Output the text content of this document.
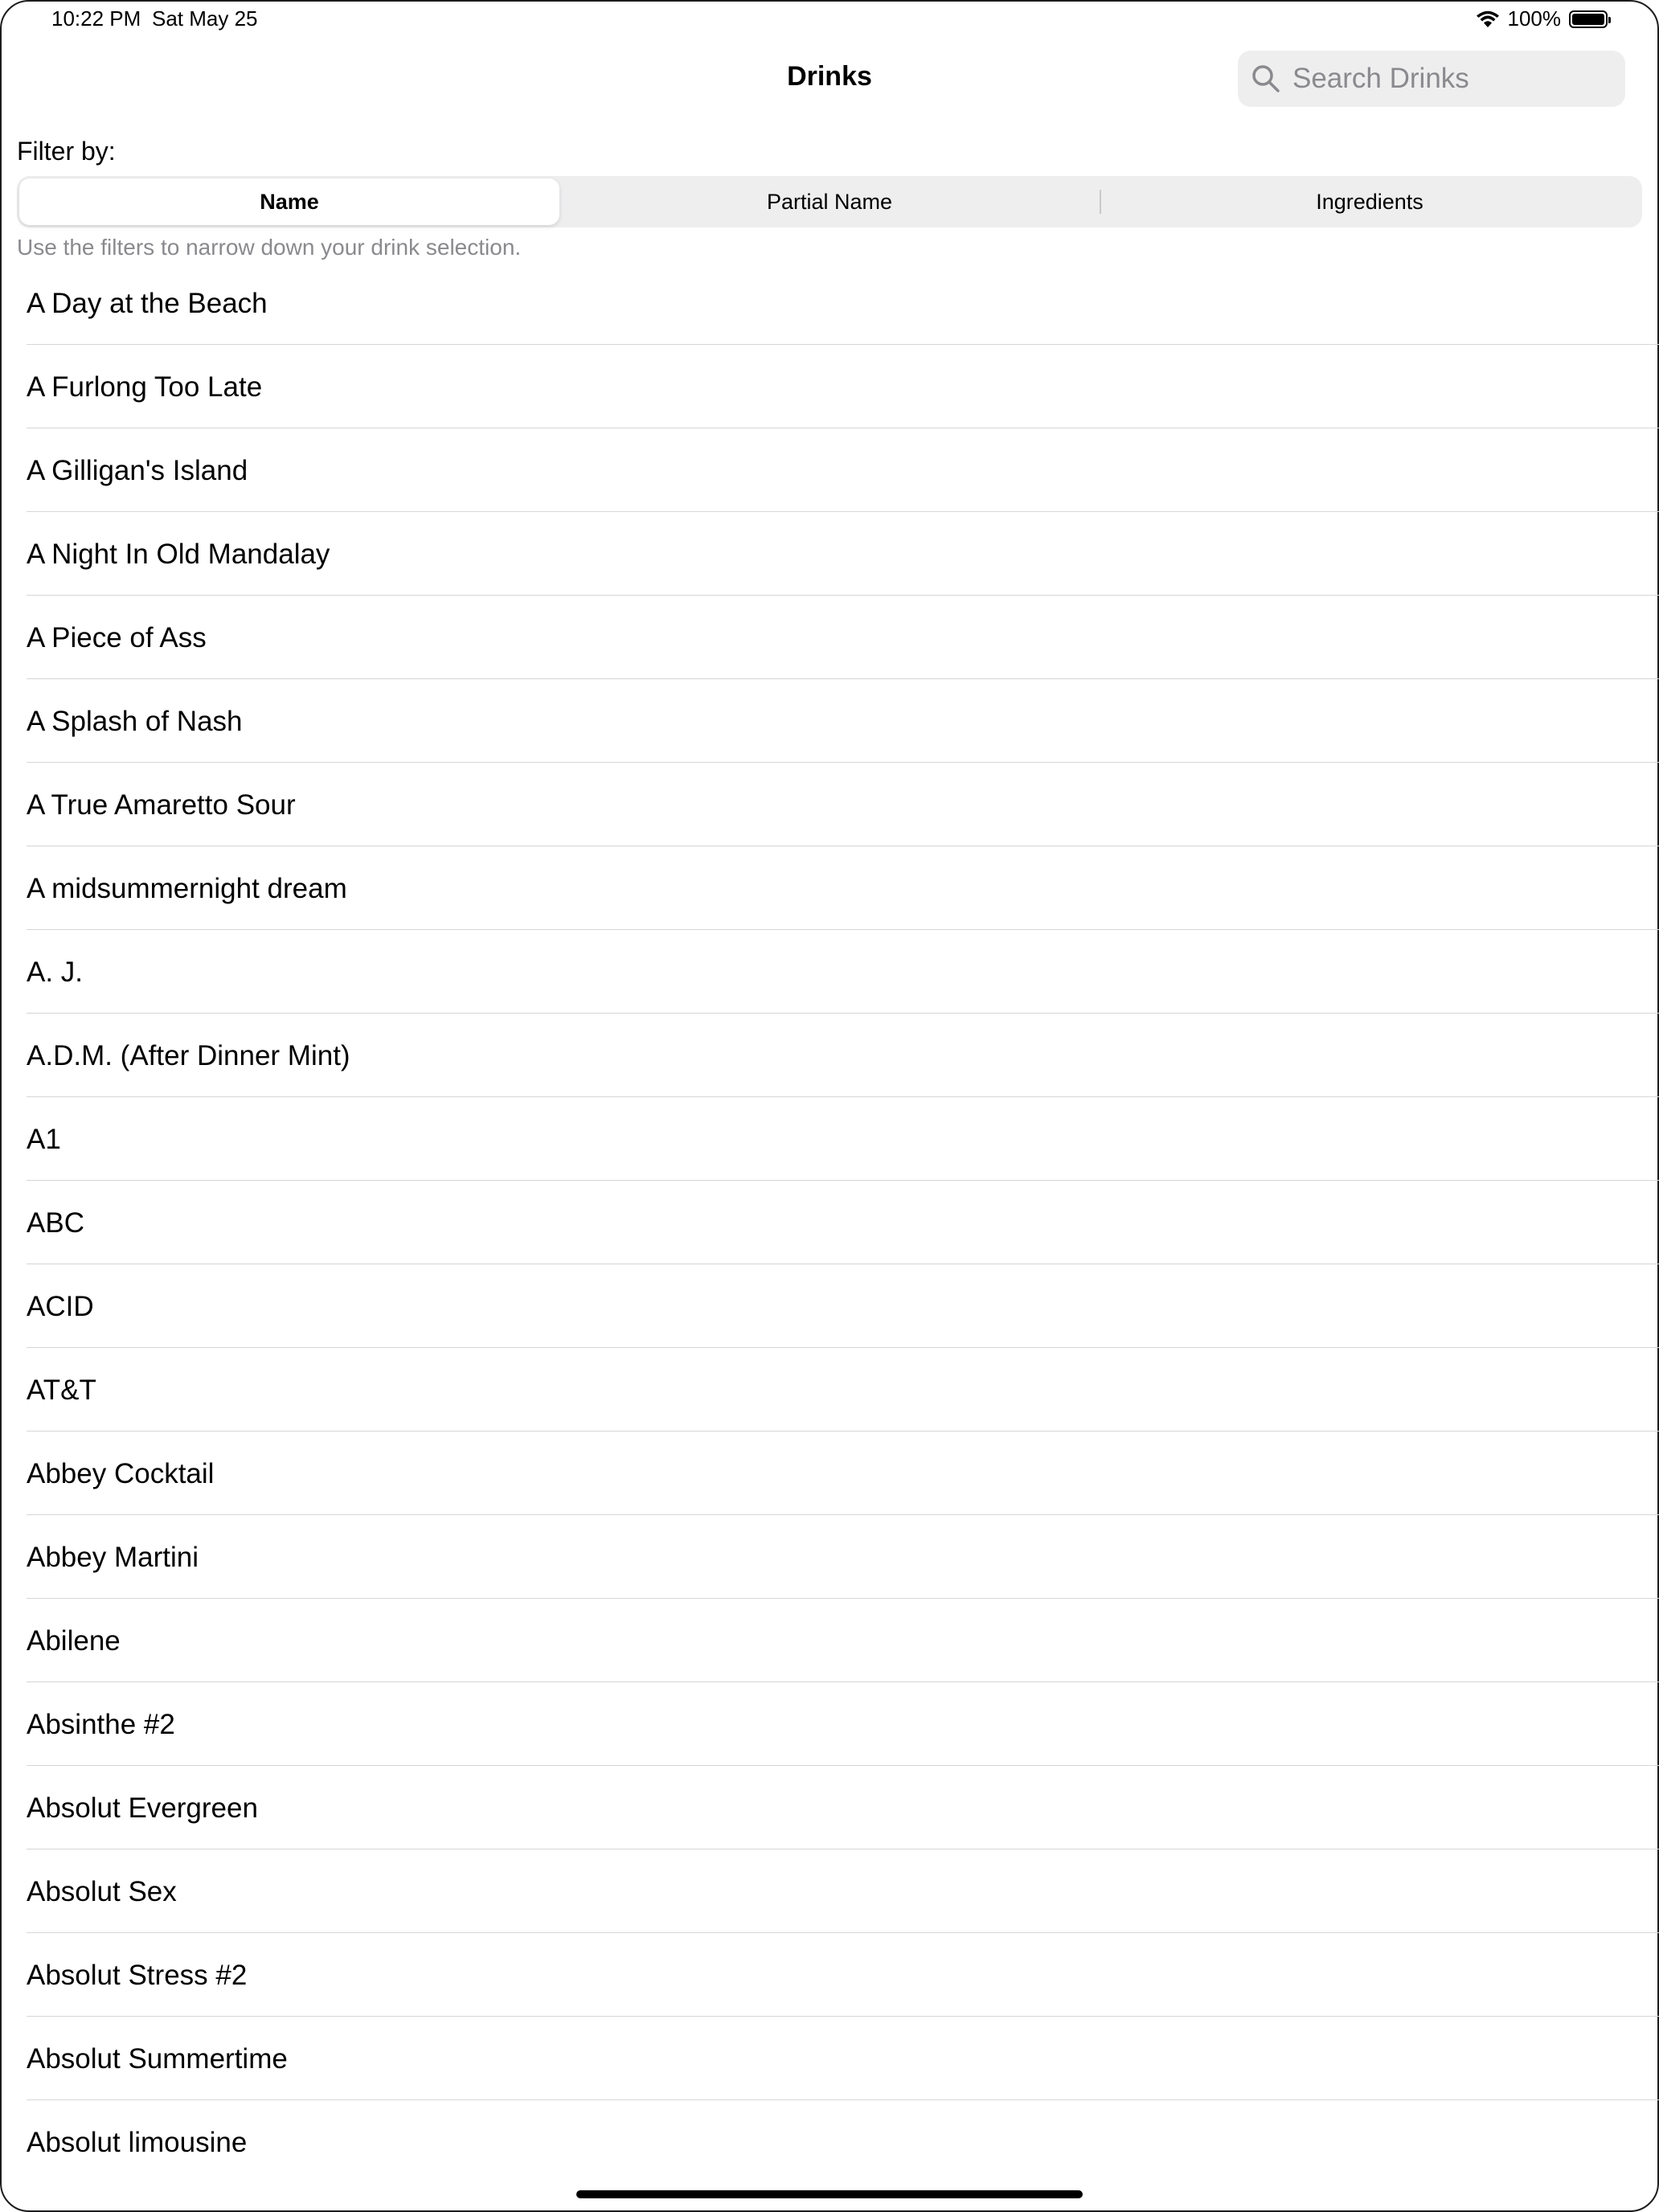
10:22 PM Sat May 25	100%
Drinks
Search Drinks
Filter by:
Name	Partial Name	Ingredients
Use the filters to narrow down your drink selection.
A Day at the Beach
A Furlong Too Late
A Gilligan's Island
A Night In Old Mandalay
A Piece of Ass
A Splash of Nash
A True Amaretto Sour
A midsummernight dream
A. J.
A.D.M. (After Dinner Mint)
A1
ABC
ACID
AT&T
Abbey Cocktail
Abbey Martini
Abilene
Absinthe #2
Absolut Evergreen
Absolut Sex
Absolut Stress #2
Absolut Summertime
Absolut limousine
